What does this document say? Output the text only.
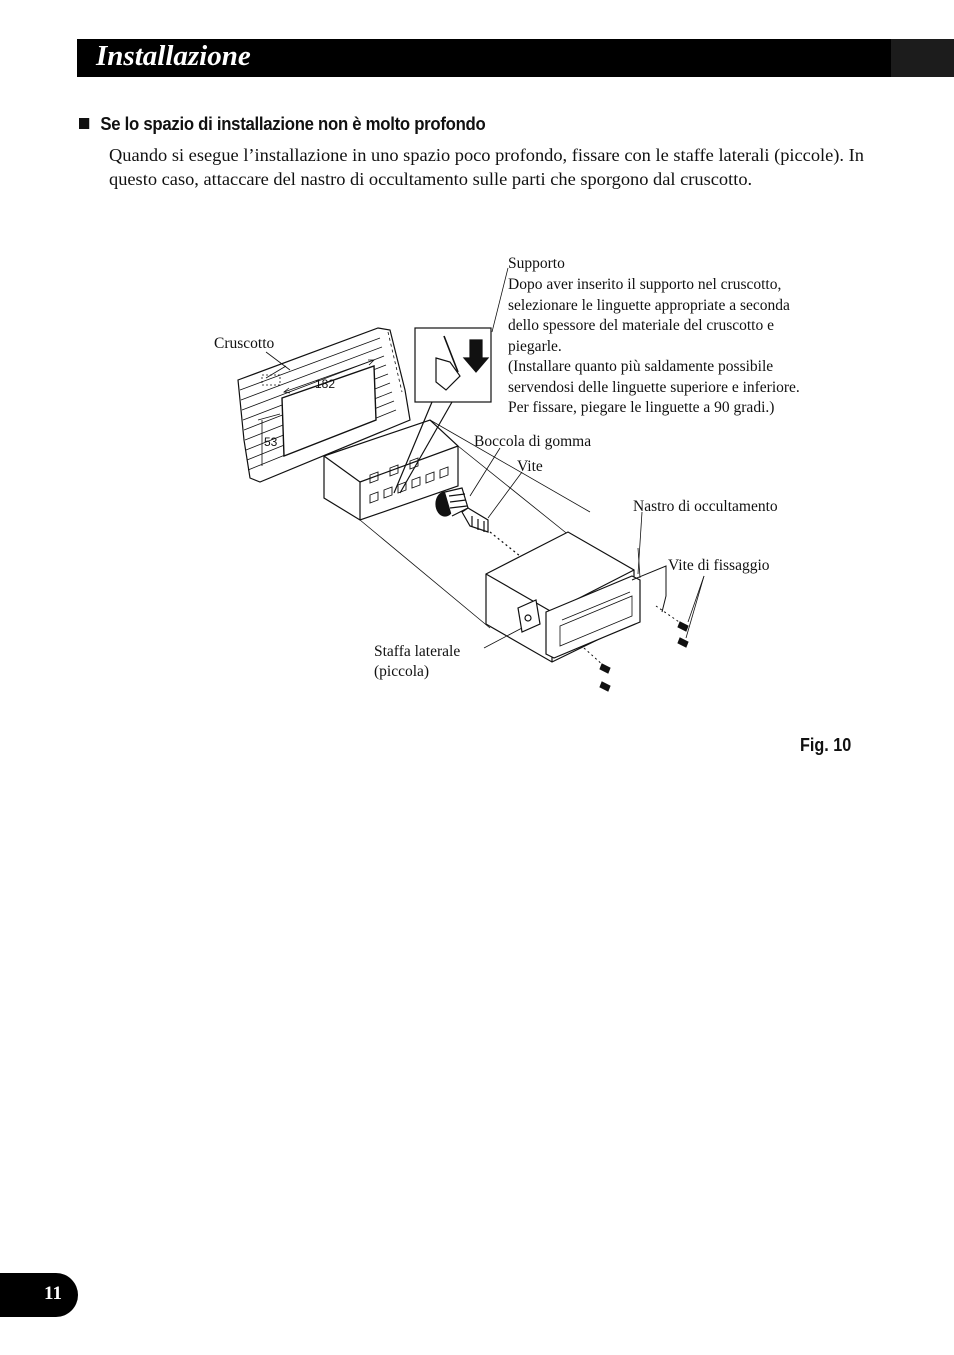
Installazione
Se lo spazio di installazione non è molto profondo

Quando si esegue l’installazione in uno spazio poco profondo, fissare con le staffe laterali (piccole). In questo caso, attaccare del nastro di occultamento sulle parti che sporgono dal cruscotto.

Supporto
Dopo aver inserito il supporto nel cruscotto,
selezionare le linguette appropriate a seconda
dello spessore del materiale del cruscotto e
piegarle.
(Installare quanto più saldamente possibile
servendosi delle linguette superiore e inferiore.
Per fissare, piegare le linguette a 90 gradi.)
Cruscotto
182
53	Boccola di gomma
Vite
Nastro di occultamento
Vite di fissaggio
Staffa laterale
(piccola)
Fig. 10
11
